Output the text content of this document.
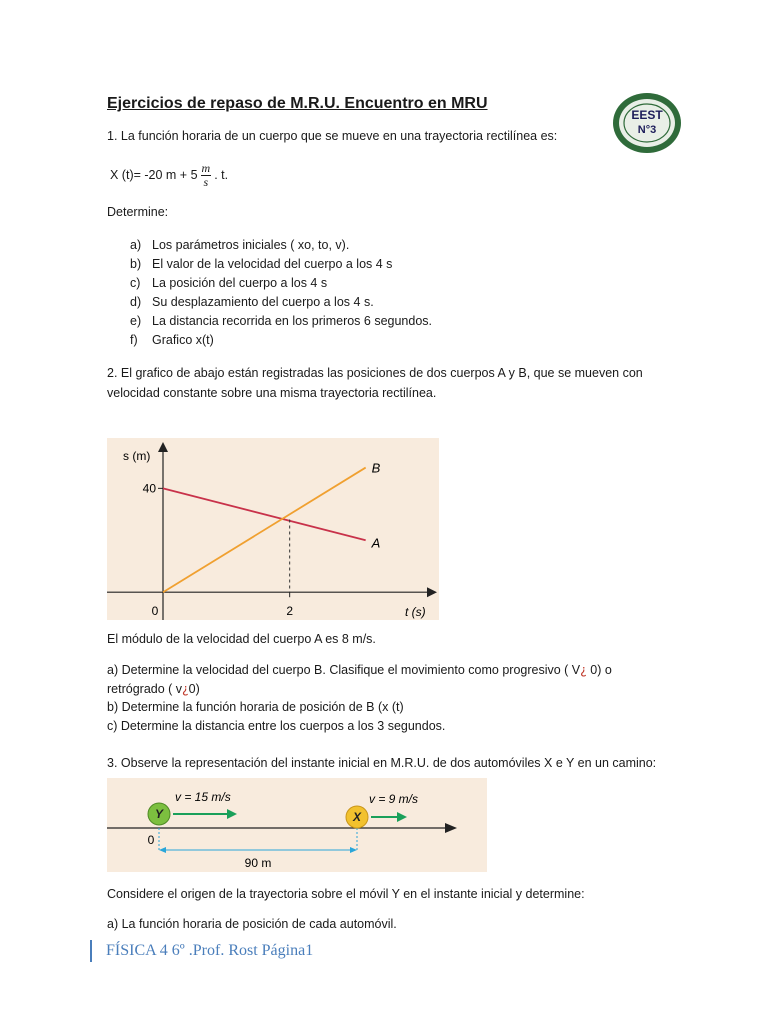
Ejercicios de repaso de M.R.U. Encuentro en MRU
EEST
N°3
1. La función horaria de un cuerpo que se mueve en una trayectoria rectilínea es:
X (t)= -20 $m + 5 \frac{m}{s}$ . t.
Determine:
a) Los parámetros iniciales ( xo, to, v).
b) El valor de la velocidad del cuerpo a los 4 s
c) La posición del cuerpo a los 4 s
d) Su desplazamiento del cuerpo a los 4 s.
e) La distancia recorrida en los primeros 6 segundos.
f) Grafico x(t)
2. El grafico de abajo están registradas las posiciones de dos cuerpos A y B, que se mueven con
velocidad constante sobre una misma trayectoria rectilínea.
s (m)
t (s)
40
0	2
A
B
El módulo de la velocidad del cuerpo A es 8 m/s.
a) Determine la velocidad del cuerpo B. Clasifique el movimiento como progresivo ( V¿ 0) o
retrógrado ( v¿0)
b) Determine la función horaria de posición de B (x (t)
c) Determine la distancia entre los cuerpos a los 3 segundos.
3. Observe la representación del instante inicial en M.R.U. de dos automóviles X e Y en un camino:
90 m
0
Y
v = 15 m/s
X
v = 9 m/s
Considere el origen de la trayectoria sobre el móvil Y en el instante inicial y determine:
a) La función horaria de posición de cada automóvil.
FÍSICA 4 6º .Prof. Rost Página1
